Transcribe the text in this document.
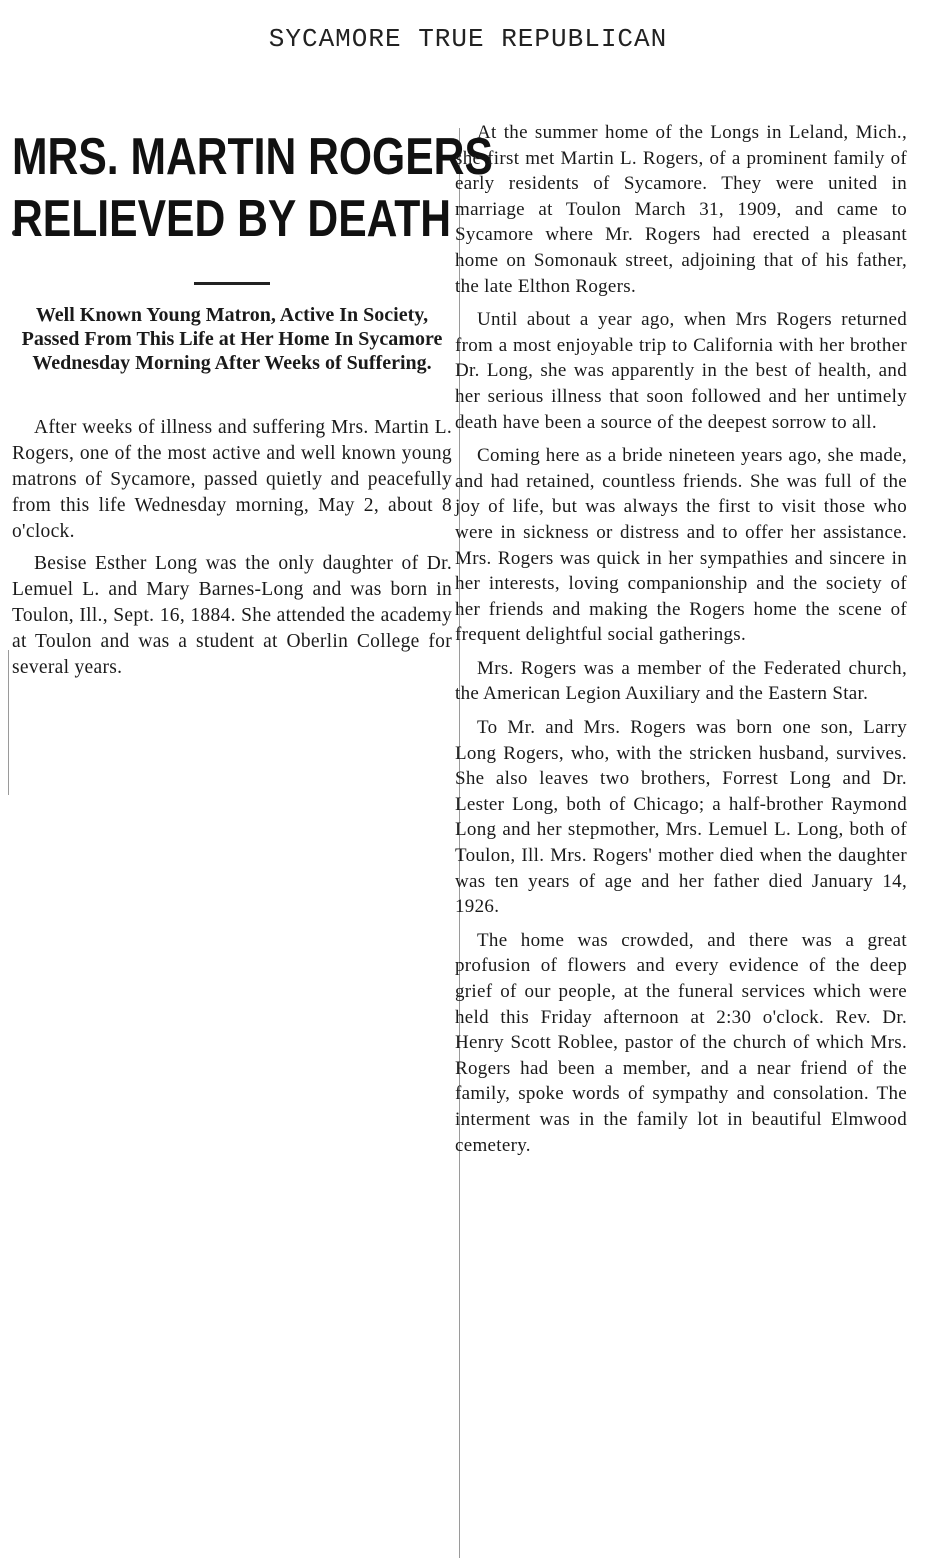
SYCAMORE TRUE REPUBLICAN
MRS. MARTIN ROGERS
RELIEVED BY DEATH

Well Known Young Matron, Active In Society, Passed From This Life at Her Home In Sycamore Wednesday Morning After Weeks of Suffering.

After weeks of illness and suffering Mrs. Martin L. Rogers, one of the most active and well known young matrons of Sycamore, passed quietly and peacefully from this life Wednesday morning, May 2, about 8 o'clock.

Besise Esther Long was the only daughter of Dr. Lemuel L. and Mary Barnes-Long and was born in Toulon, Ill., Sept. 16, 1884. She attended the academy at Toulon and was a student at Oberlin College for several years.

At the summer home of the Longs in Leland, Mich., she first met Martin L. Rogers, of a prominent family of early residents of Sycamore. They were united in marriage at Toulon March 31, 1909, and came to Sycamore where Mr. Rogers had erected a pleasant home on Somonauk street, adjoining that of his father, the late Elthon Rogers.

Until about a year ago, when Mrs Rogers returned from a most enjoyable trip to California with her brother Dr. Long, she was apparently in the best of health, and her serious illness that soon followed and her untimely death have been a source of the deepest sorrow to all.

Coming here as a bride nineteen years ago, she made, and had retained, countless friends. She was full of the joy of life, but was always the first to visit those who were in sickness or distress and to offer her assistance. Mrs. Rogers was quick in her sympathies and sincere in her interests, loving companionship and the society of her friends and making the Rogers home the scene of frequent delightful social gatherings.

Mrs. Rogers was a member of the Federated church, the American Legion Auxiliary and the Eastern Star.

To Mr. and Mrs. Rogers was born one son, Larry Long Rogers, who, with the stricken husband, survives. She also leaves two brothers, Forrest Long and Dr. Lester Long, both of Chicago; a half-brother Raymond Long and her stepmother, Mrs. Lemuel L. Long, both of Toulon, Ill. Mrs. Rogers' mother died when the daughter was ten years of age and her father died January 14, 1926.

The home was crowded, and there was a great profusion of flowers and every evidence of the deep grief of our people, at the funeral services which were held this Friday afternoon at 2:30 o'clock. Rev. Dr. Henry Scott Roblee, pastor of the church of which Mrs. Rogers had been a member, and a near friend of the family, spoke words of sympathy and consolation. The interment was in the family lot in beautiful Elmwood cemetery.
